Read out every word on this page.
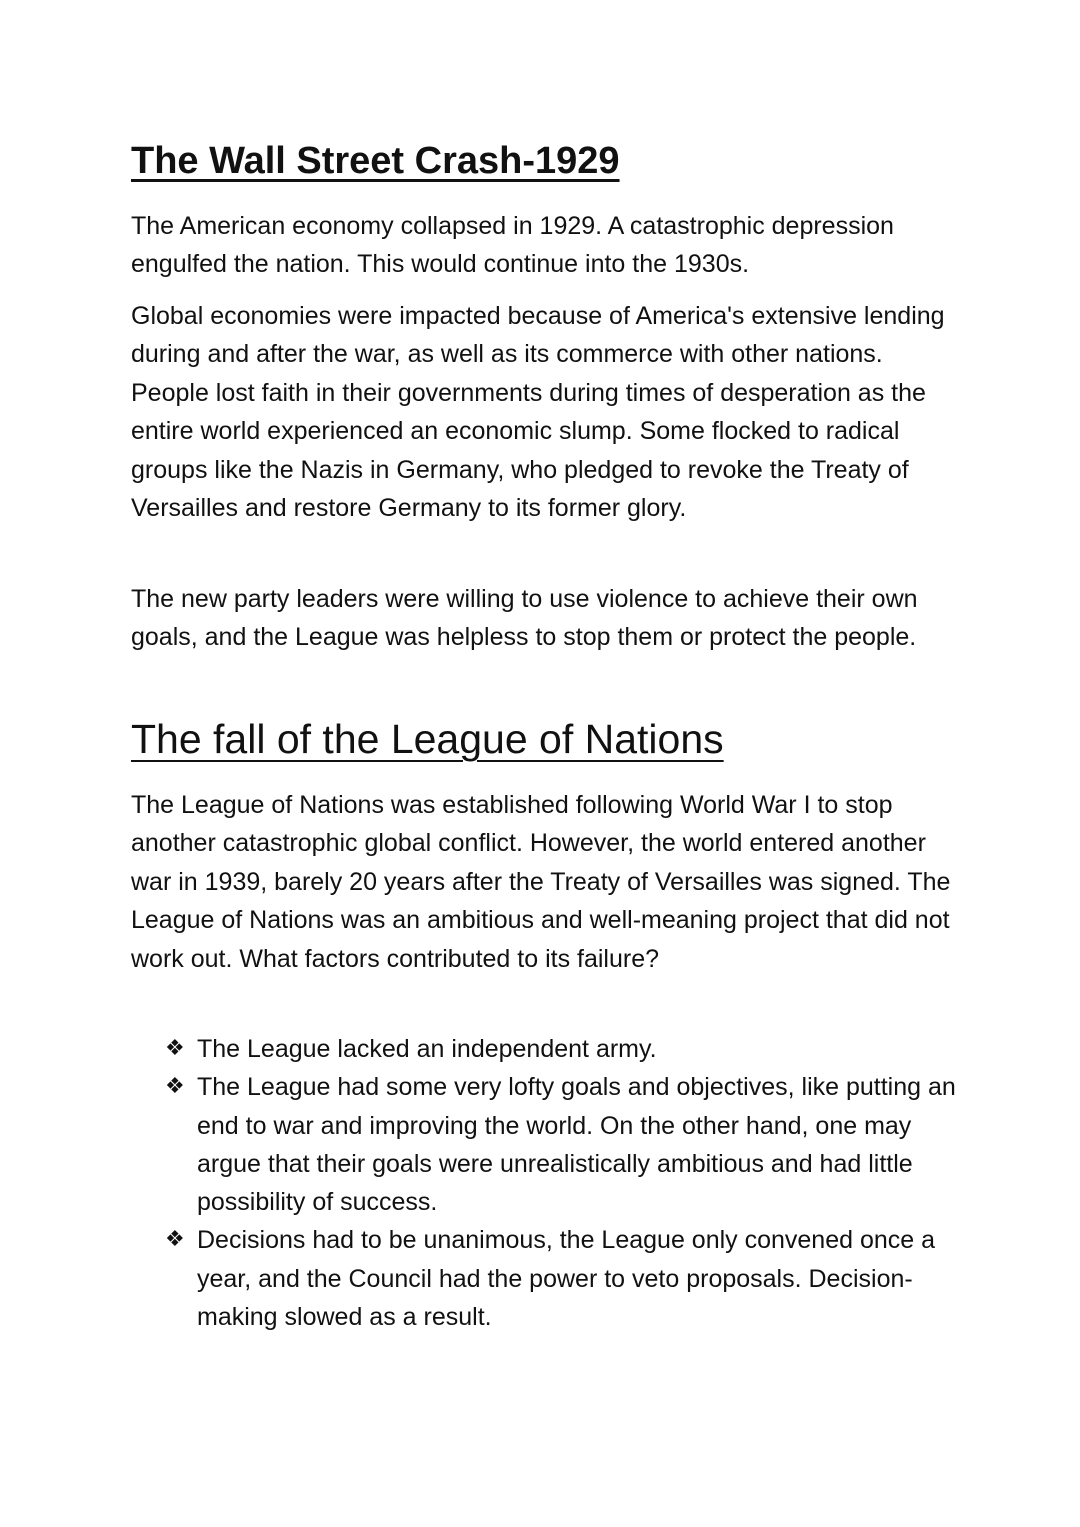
The Wall Street Crash-1929

The American economy collapsed in 1929. A catastrophic depression engulfed the nation. This would continue into the 1930s.

Global economies were impacted because of America's extensive lending during and after the war, as well as its commerce with other nations. People lost faith in their governments during times of desperation as the entire world experienced an economic slump. Some flocked to radical groups like the Nazis in Germany, who pledged to revoke the Treaty of Versailles and restore Germany to its former glory.

The new party leaders were willing to use violence to achieve their own goals, and the League was helpless to stop them or protect the people.

The fall of the League of Nations

The League of Nations was established following World War I to stop another catastrophic global conflict. However, the world entered another war in 1939, barely 20 years after the Treaty of Versailles was signed. The League of Nations was an ambitious and well-meaning project that did not work out. What factors contributed to its failure?

❖ The League lacked an independent army.
❖ The League had some very lofty goals and objectives, like putting an end to war and improving the world. On the other hand, one may argue that their goals were unrealistically ambitious and had little possibility of success.
❖ Decisions had to be unanimous, the League only convened once a year, and the Council had the power to veto proposals. Decision-making slowed as a result.
